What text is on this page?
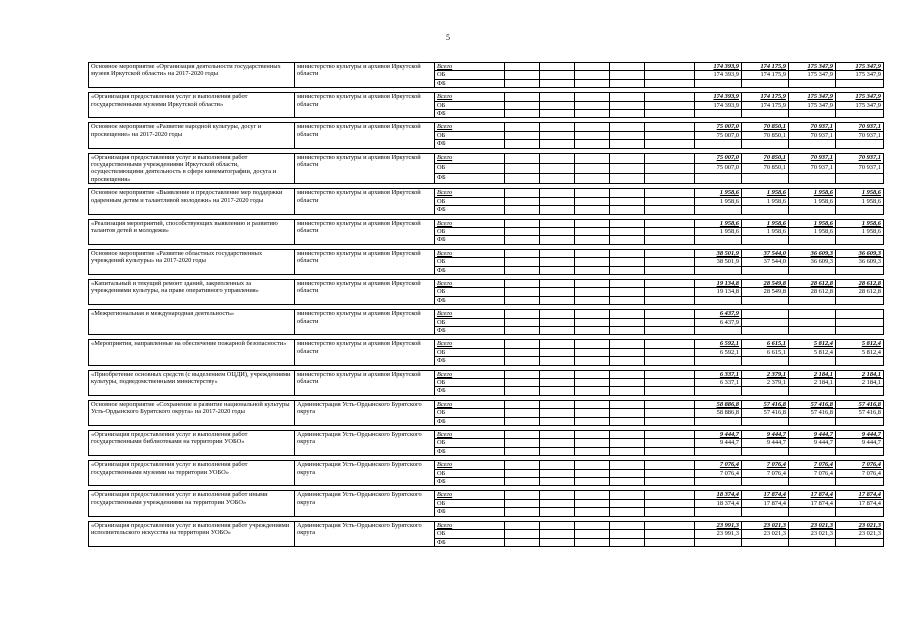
5
Основное мероприятие «Организация деятельности государственных музеев Иркутской области» на 2017-2020 годы	министерство культуры и архивов Иркутской области	Всего						174 393,9	174 175,9	175 347,9	175 347,9
		ОБ						174 393,9	174 175,9	175 347,9	175 347,9
		ФБ									

«Организация предоставления услуг и выполнения работ государственными музеями Иркутской области»	министерство культуры и архивов Иркутской области	Всего						174 393,9	174 175,9	175 347,9	175 347,9
		ОБ						174 393,9	174 175,9	175 347,9	175 347,9
		ФБ									

Основное мероприятие «Развитие народной культуры, досуг и просвещение» на 2017-2020 годы	министерство культуры и архивов Иркутской области	Всего						75 007,0	70 850,1	70 937,1	70 937,1
		ОБ						75 007,0	70 850,1	70 937,1	70 937,1
		ФБ									

«Организация предоставления услуг и выполнения работ государственными учреждениями Иркутской области, осуществляющими деятельность в сфере кинематографии, досуга и просвещения»	министерство культуры и архивов Иркутской области	Всего						75 007,0	70 850,1	70 937,1	70 937,1
		ОБ						75 007,0	70 850,1	70 937,1	70 937,1
		ФБ									

Основное мероприятие «Выявление и предоставление мер поддержки одаренным детям и талантливой молодежи» на 2017-2020 годы	министерство культуры и архивов Иркутской области	Всего						1 958,6	1 958,6	1 958,6	1 958,6
		ОБ						1 958,6	1 958,6	1 958,6	1 958,6
		ФБ									

«Реализация мероприятий, способствующих выявлению и развитию талантов детей и молодежи»	министерство культуры и архивов Иркутской области	Всего						1 958,6	1 958,6	1 958,6	1 958,6
		ОБ						1 958,6	1 958,6	1 958,6	1 958,6
		ФБ									

Основное мероприятие «Развитие областных государственных учреждений культуры» на 2017-2020 годы	министерство культуры и архивов Иркутской области	Всего						38 501,9	37 544,0	36 609,3	36 609,3
		ОБ						38 501,9	37 544,0	36 609,3	36 609,3
		ФБ									

«Капитальный и текущий ремонт зданий, закрепленных за учреждениями культуры, на праве оперативного управления»	министерство культуры и архивов Иркутской области	Всего						19 134,8	28 549,8	28 612,8	28 612,8
		ОБ						19 134,8	28 549,8	28 612,8	28 612,8
		ФБ									

«Межрегиональная и международная деятельность»	министерство культуры и архивов Иркутской области	Всего						6 437,9			
		ОБ						6 437,9			
		ФБ									

«Мероприятия, направленные на обеспечение пожарной безопасности»	министерство культуры и архивов Иркутской области	Всего						6 592,1	6 615,1	5 812,4	5 812,4
		ОБ						6 592,1	6 615,1	5 812,4	5 812,4
		ФБ									

«Приобретение основных средств (с выделением ОЦДИ), учреждениями культуры, подведомственными министерству»	министерство культуры и архивов Иркутской области	Всего						6 337,1	2 379,1	2 184,1	2 184,1
		ОБ						6 337,1	2 379,1	2 184,1	2 184,1
		ФБ									

Основное мероприятие «Сохранение и развитие национальной культуры Усть-Ордынского Бурятского округа» на 2017-2020 годы	Администрация Усть-Ордынского Бурятского округа	Всего						58 886,8	57 416,8	57 416,8	57 416,8
		ОБ						58 886,8	57 416,8	57 416,8	57 416,8
		ФБ									

«Организация предоставления услуг и выполнения работ государственными библиотеками на территории УОБО»	Администрация Усть-Ордынского Бурятского округа	Всего						9 444,7	9 444,7	9 444,7	9 444,7
		ОБ						9 444,7	9 444,7	9 444,7	9 444,7
		ФБ									

«Организация предоставления услуг и выполнения работ государственными музеями на территории УОБО»	Администрация Усть-Ордынского Бурятского округа	Всего						7 076,4	7 076,4	7 076,4	7 076,4
		ОБ						7 076,4	7 076,4	7 076,4	7 076,4
		ФБ									

«Организация предоставления услуг и выполнения работ иными государственными учреждениями на территории УОБО»	Администрация Усть-Ордынского Бурятского округа	Всего						18 374,4	17 874,4	17 874,4	17 874,4
		ОБ						18 374,4	17 874,4	17 874,4	17 874,4
		ФБ									

«Организация предоставления услуг и выполнения работ учреждениями исполнительского искусства на территории УОБО»	Администрация Усть-Ордынского Бурятского округа	Всего						23 991,3	23 021,3	23 021,3	23 021,3
		ОБ						23 991,3	23 021,3	23 021,3	23 021,3
		ФБ									
